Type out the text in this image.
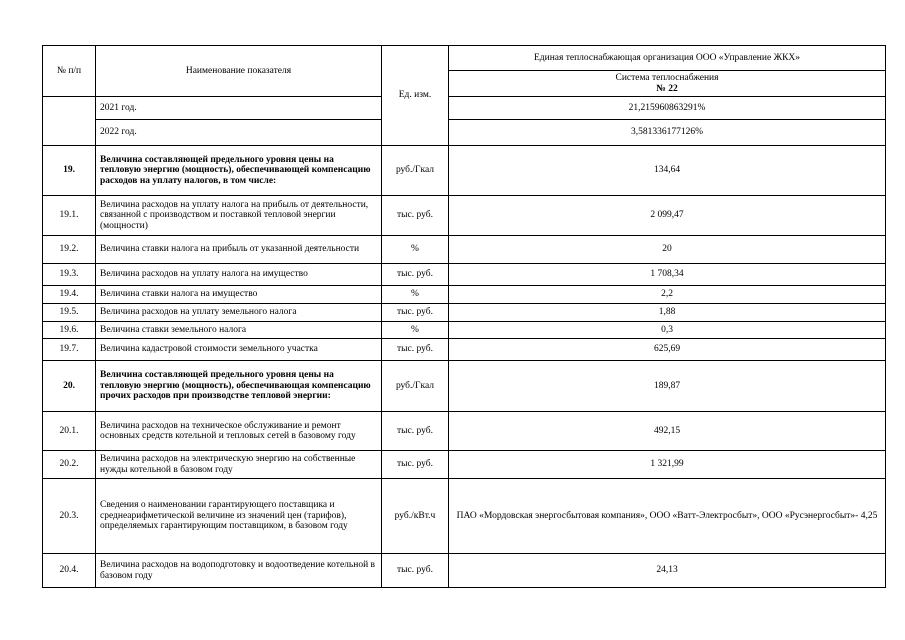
№ п/п	Наименование показателя	Ед. изм.	Единая теплоснабжающая организация ООО «Управление ЖКХ»

			Система теплоснабжения
№ 22

	2021 год.		21,215960863291%
	2022 год.		3,581336177126%
19.	Величина составляющей предельного уровня цены на тепловую энергию (мощность), обеспечивающей компенсацию расходов на уплату налогов, в том числе:	руб./Гкал	134,64
19.1.	Величина расходов на уплату налога на прибыль от деятельности, связанной с производством и поставкой тепловой энергии (мощности)	тыс. руб.	2 099,47
19.2.	Величина ставки налога на прибыль от указанной деятельности	%	20
19.3.	Величина расходов на уплату налога на имущество	тыс. руб.	1 708,34
19.4.	Величина ставки налога на имущество	%	2,2
19.5.	Величина расходов на уплату земельного налога	тыс. руб.	1,88
19.6.	Величина ставки земельного налога	%	0,3
19.7.	Величина кадастровой стоимости земельного участка	тыс. руб.	625,69
20.	Величина составляющей предельного уровня цены на тепловую энергию (мощность), обеспечивающая компенсацию прочих расходов при производстве тепловой энергии:	руб./Гкал	189,87
20.1.	Величина расходов на техническое обслуживание и ремонт основных средств котельной и тепловых сетей в базовому году	тыс. руб.	492,15
20.2.	Величина расходов на электрическую энергию на собственные нужды котельной в базовом году	тыс. руб.	1 321,99
20.3.	Сведения о наименовании гарантирующего поставщика и среднеарифметической величине из значений цен (тарифов), определяемых гарантирующим поставщиком, в базовом году	руб./кВт.ч	ПАО «Мордовская энергосбытовая компания», ООО «Ватт-Электросбыт», ООО «Русэнергосбыт»- 4,25
20.4.	Величина расходов на водоподготовку и водоотведение котельной в базовом году	тыс. руб.	24,13
